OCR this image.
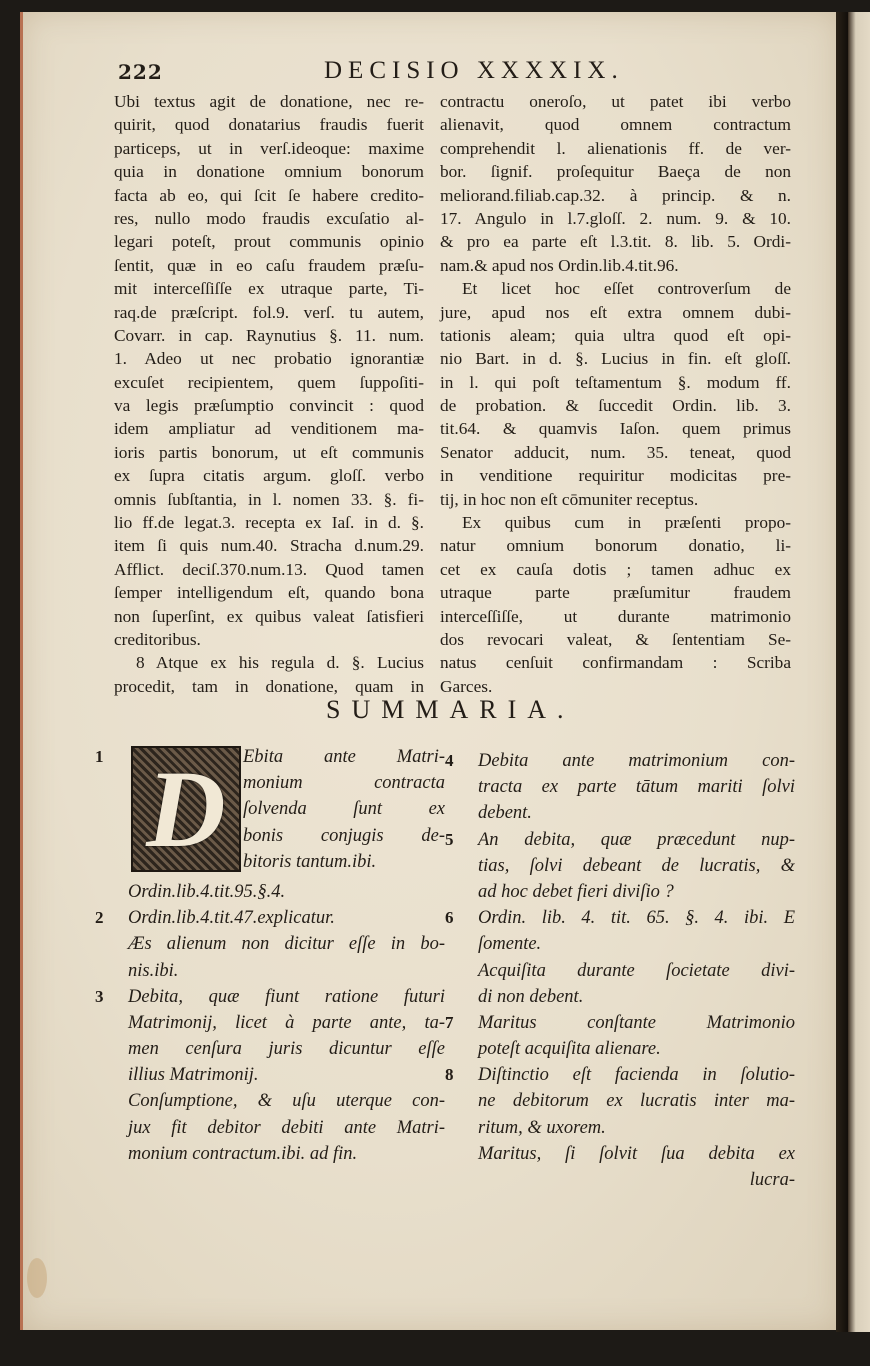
222	DECISIO XXXXIX.
Ubi textus agit de donatione, nec re-
quirit, quod donatarius fraudis fuerit
particeps, ut in verſ.ideoque: maxime
quia in donatione omnium bonorum
facta ab eo, qui ſcit ſe habere credito-
res, nullo modo fraudis excuſatio al-
legari poteſt, prout communis opinio
ſentit, quæ in eo caſu fraudem præſu-
mit interceſſiſſe ex utraque parte, Ti-
raq.de præſcript. fol.9. verſ. tu autem,
Covarr. in cap. Raynutius §. 11. num.
1. Adeo ut nec probatio ignorantiæ
excuſet recipientem, quem ſuppoſiti-
va legis præſumptio convincit : quod
idem ampliatur ad venditionem ma-
ioris partis bonorum, ut eſt communis
ex ſupra citatis argum. gloſſ. verbo
omnis ſubſtantia, in l. nomen 33. §. fi-
lio ff.de legat.3. recepta ex Iaſ. in d. §.
item ſi quis num.40. Stracha d.num.29.
Afflict. deciſ.370.num.13. Quod tamen
ſemper intelligendum eſt, quando bona
non ſuperſint, ex quibus valeat ſatisfieri
creditoribus.
8 Atque ex his regula d. §. Lucius
procedit, tam in donatione, quam in
contractu oneroſo, ut patet ibi verbo
alienavit, quod omnem contractum
comprehendit l. alienationis ff. de ver-
bor. ſignif. proſequitur Baeça de non
meliorand.filiab.cap.32. à princip. & n.
17. Angulo in l.7.gloſſ. 2. num. 9. & 10.
& pro ea parte eſt l.3.tit. 8. lib. 5. Ordi-
nam.& apud nos Ordin.lib.4.tit.96.
Et licet hoc eſſet controverſum de
jure, apud nos eſt extra omnem dubi-
tationis aleam; quia ultra quod eſt opi-
nio Bart. in d. §. Lucius in fin. eſt gloſſ.
in l. qui poſt teſtamentum §. modum ff.
de probation. & ſuccedit Ordin. lib. 3.
tit.64. & quamvis Iaſon. quem primus
Senator adducit, num. 35. teneat, quod
in venditione requiritur modicitas pre-
tij, in hoc non eſt cōmuniter receptus.
Ex quibus cum in præſenti propo-
natur omnium bonorum donatio, li-
cet ex cauſa dotis ; tamen adhuc ex
utraque parte præſumitur fraudem
interceſſiſſe, ut durante matrimonio
dos revocari valeat, & ſententiam Se-
natus cenſuit confirmandam : Scriba
Garces.
SUMMARIA.
1 D Ebita ante Matri-
monium contracta
ſolvenda ſunt ex
bonis conjugis de-
bitoris tantum.ibi.
Ordin.lib.4.tit.95.§.4.
2 Ordin.lib.4.tit.47.explicatur.
Æs alienum non dicitur eſſe in bo-
nis.ibi.
3 Debita, quæ fiunt ratione futuri
Matrimonij, licet à parte ante, ta-
men cenſura juris dicuntur eſſe
illius Matrimonij.
Conſumptione, & uſu uterque con-
jux fit debitor debiti ante Matri-
monium contractum.ibi. ad fin.
4 Debita ante matrimonium con-
tracta ex parte tātum mariti ſolvi
debent.
5 An debita, quæ præcedunt nup-
tias, ſolvi debeant de lucratis, &
ad hoc debet fieri diviſio ?
6 Ordin. lib. 4. tit. 65. §. 4. ibi. E
ſomente.
Acquiſita durante ſocietate divi-
di non debent.
7 Maritus conſtante Matrimonio
poteſt acquiſita alienare.
8 Diſtinctio eſt facienda in ſolutio-
ne debitorum ex lucratis inter ma-
ritum, & uxorem.
Maritus, ſi ſolvit ſua debita ex
lucra-
